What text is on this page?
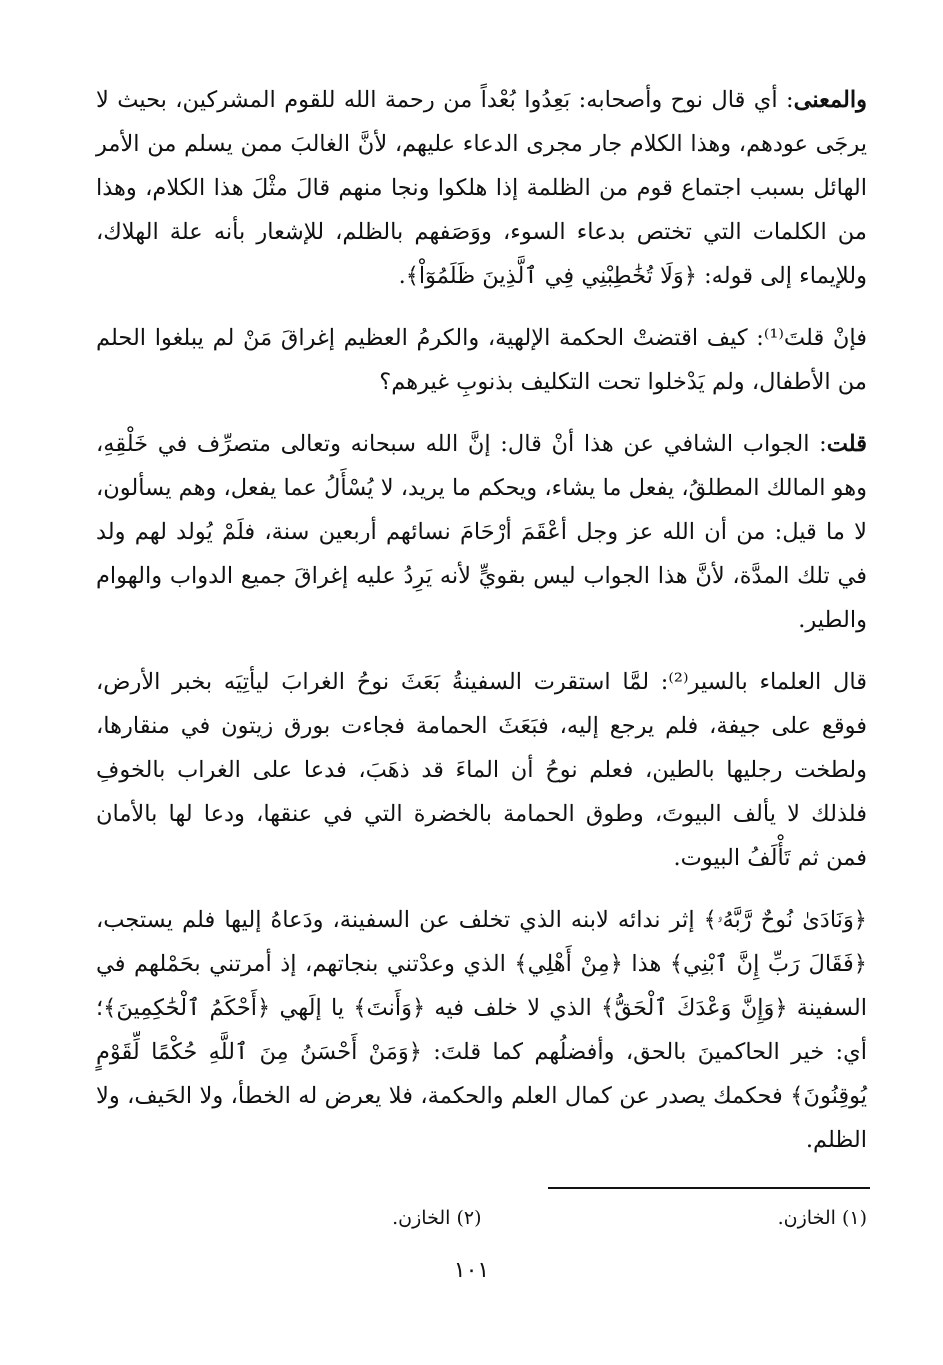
والمعنى: أي قال نوح وأصحابه: بَعِدُوا بُعْداً من رحمة الله للقوم المشركين، بحيث لا يرجَى عودهم، وهذا الكلام جار مجرى الدعاء عليهم، لأنَّ الغالبَ ممن يسلم من الأمر الهائل بسبب اجتماع قوم من الظلمة إذا هلكوا ونجا منهم قالَ مثْلَ هذا الكلام، وهذا من الكلمات التي تختص بدعاء السوء، ووَصَفهم بالظلم، للإشعار بأنه علة الهلاك، وللإيماء إلى قوله: ﴿وَلَا تُخَٰطِبْنِي فِي ٱلَّذِينَ ظَلَمُوٓاْ﴾.

فإنْ قلتَ⁽¹⁾: كيف اقتضتْ الحكمة الإلهية، والكرمُ العظيم إغراقَ مَنْ لم يبلغوا الحلم من الأطفال، ولم يَدْخلوا تحت التكليف بذنوبِ غيرهم؟

قلت: الجواب الشافي عن هذا أنْ قال: إنَّ الله سبحانه وتعالى متصرِّف في خَلْقِهِ، وهو المالك المطلقُ، يفعل ما يشاء، ويحكم ما يريد، لا يُسْأَلُ عما يفعل، وهم يسألون، لا ما قيل: من أن الله عز وجل أعْقَمَ أرْحَامَ نسائهم أربعين سنة، فلَمْ يُولد لهم ولد في تلك المدَّة، لأنَّ هذا الجواب ليس بقويٍّ لأنه يَرِدُ عليه إغراقَ جميع الدواب والهوام والطير.

قال العلماء بالسير⁽²⁾: لمَّا استقرت السفينةُ بَعَثَ نوحُ الغرابَ ليأتِيَه بخبر الأرض، فوقع على جيفة، فلم يرجع إليه، فبَعَثَ الحمامة فجاءت بورق زيتون في منقارها، ولطخت رجليها بالطين، فعلم نوحُ أن الماءَ قد ذهَبَ، فدعا على الغراب بالخوفِ فلذلك لا يألف البيوتَ، وطوق الحمامة بالخضرة التي في عنقها، ودعا لها بالأمان فمن ثم تَأْلَفُ البيوت.

﴿وَنَادَىٰ نُوحٌ رَّبَّهُۥ﴾ إثر ندائه لابنه الذي تخلف عن السفينة، ودَعاهُ إليها فلم يستجب، ﴿فَقَالَ رَبِّ إِنَّ ٱبْنِي﴾ هذا ﴿مِنْ أَهْلِي﴾ الذي وعدْتني بنجاتهم، إذ أمرتني بحَمْلهم في السفينة ﴿وَإِنَّ وَعْدَكَ ٱلْحَقُّ﴾ الذي لا خلف فيه ﴿وَأَنتَ﴾ يا إلَهي ﴿أَحْكَمُ ٱلْحَٰكِمِينَ﴾؛ أي: خير الحاكمينَ بالحق، وأفضلُهم كما قلتَ: ﴿وَمَنْ أَحْسَنُ مِنَ ٱللَّهِ حُكْمًا لِّقَوْمٍ يُوقِنُونَ﴾ فحكمك يصدر عن كمال العلم والحكمة، فلا يعرض له الخطأ، ولا الحَيف، ولا الظلم.

(١) الخازن.
(٢) الخازن.
١٠١
